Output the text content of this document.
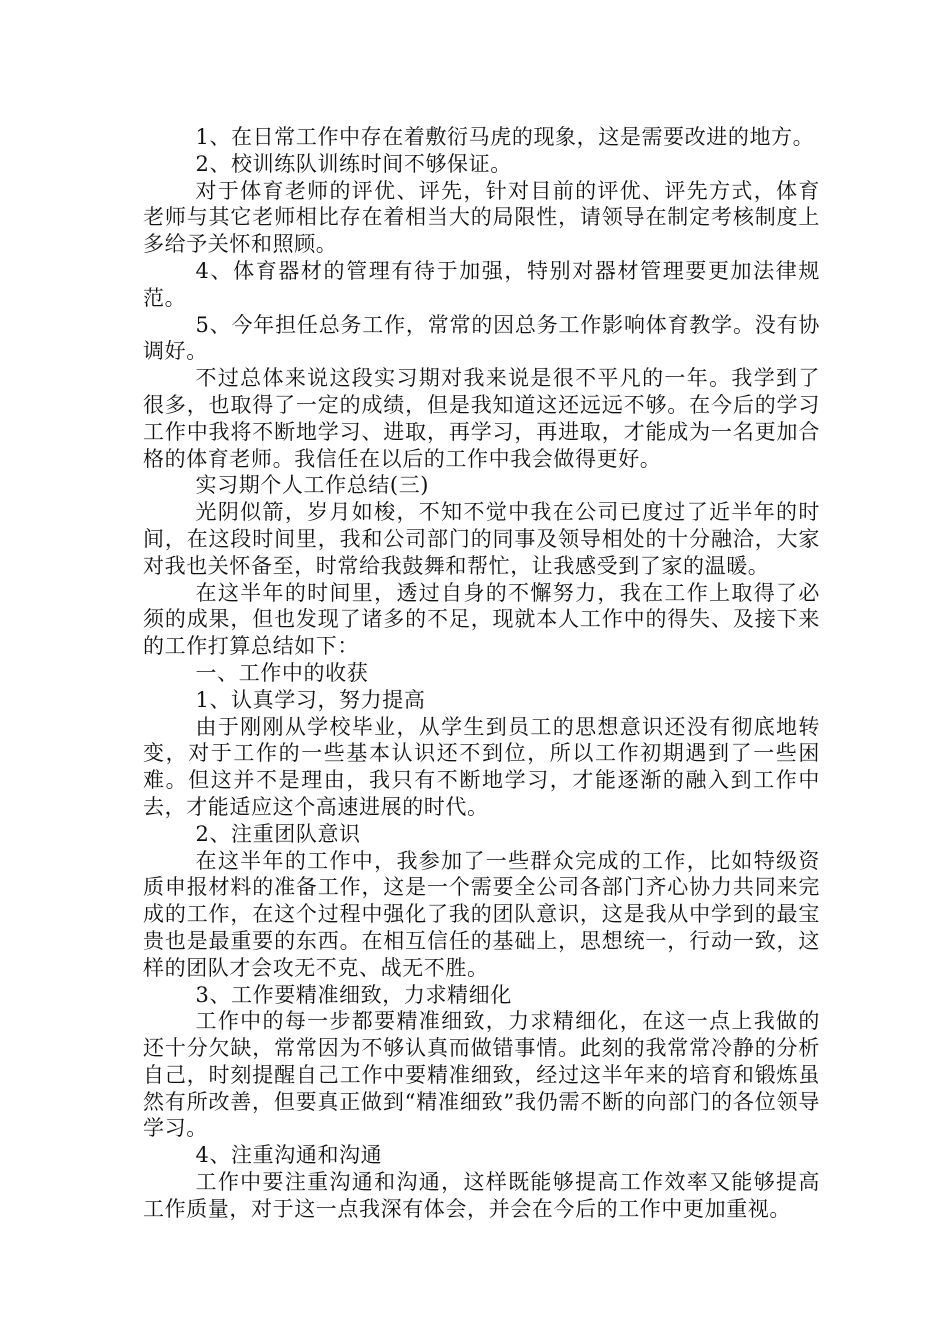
1、在日常工作中存在着敷衍马虎的现象，这是需要改进的地方。

2、校训练队训练时间不够保证。

对于体育老师的评优、评先，针对目前的评优、评先方式，体育老师与其它老师相比存在着相当大的局限性，请领导在制定考核制度上多给予关怀和照顾。

4、体育器材的管理有待于加强，特别对器材管理要更加法律规范。

5、今年担任总务工作，常常的因总务工作影响体育教学。没有协调好。

不过总体来说这段实习期对我来说是很不平凡的一年。我学到了很多，也取得了一定的成绩，但是我知道这还远远不够。在今后的学习工作中我将不断地学习、进取，再学习，再进取，才能成为一名更加合格的体育老师。我信任在以后的工作中我会做得更好。

实习期个人工作总结(三)

光阴似箭，岁月如梭，不知不觉中我在公司已度过了近半年的时间，在这段时间里，我和公司部门的同事及领导相处的十分融洽，大家对我也关怀备至，时常给我鼓舞和帮忙，让我感受到了家的温暖。

在这半年的时间里，透过自身的不懈努力，我在工作上取得了必须的成果，但也发现了诸多的不足，现就本人工作中的得失、及接下来的工作打算总结如下：

一、工作中的收获

1、认真学习，努力提高

由于刚刚从学校毕业，从学生到员工的思想意识还没有彻底地转变，对于工作的一些基本认识还不到位，所以工作初期遇到了一些困难。但这并不是理由，我只有不断地学习，才能逐渐的融入到工作中去，才能适应这个高速进展的时代。

2、注重团队意识

在这半年的工作中，我参加了一些群众完成的工作，比如特级资质申报材料的准备工作，这是一个需要全公司各部门齐心协力共同来完成的工作，在这个过程中强化了我的团队意识，这是我从中学到的最宝贵也是最重要的东西。在相互信任的基础上，思想统一，行动一致，这样的团队才会攻无不克、战无不胜。

3、工作要精准细致，力求精细化

工作中的每一步都要精准细致，力求精细化，在这一点上我做的还十分欠缺，常常因为不够认真而做错事情。此刻的我常常冷静的分析自己，时刻提醒自己工作中要精准细致，经过这半年来的培育和锻炼虽然有所改善，但要真正做到“精准细致”我仍需不断的向部门的各位领导学习。

4、注重沟通和沟通

工作中要注重沟通和沟通，这样既能够提高工作效率又能够提高工作质量，对于这一点我深有体会，并会在今后的工作中更加重视。
